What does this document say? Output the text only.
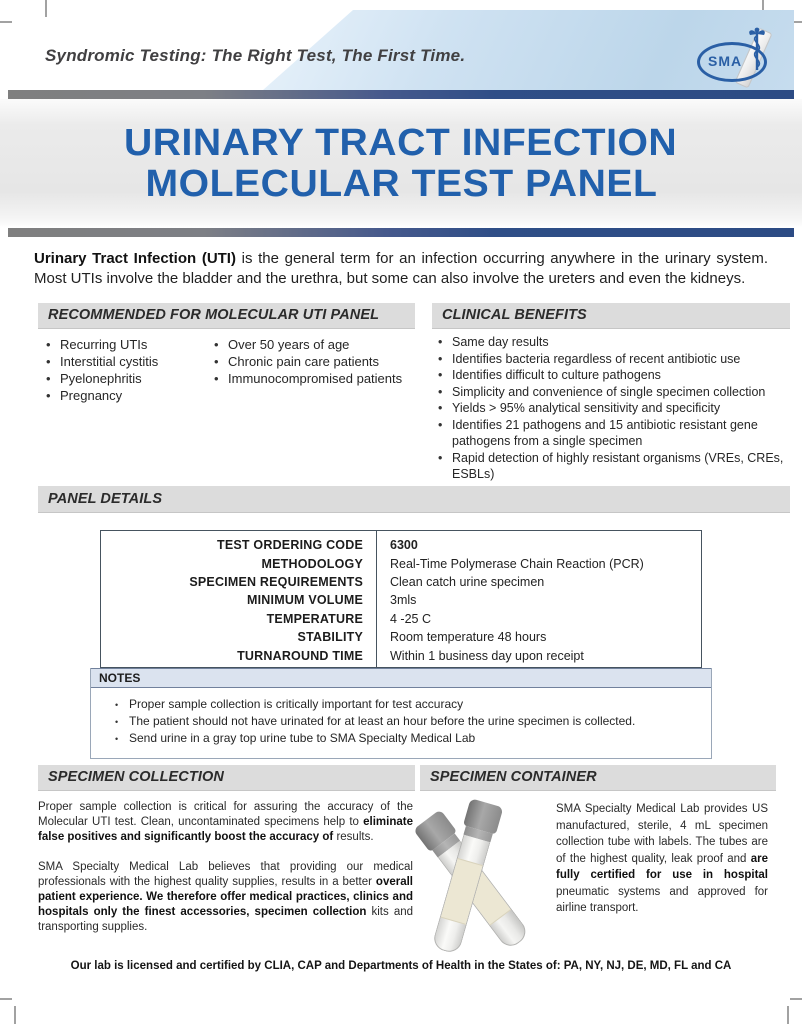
Syndromic Testing: The Right Test, The First Time.	SMA
URINARY TRACT INFECTION
MOLECULAR TEST PANEL

Urinary Tract Infection (UTI) is the general term for an infection occurring anywhere in the urinary system. Most UTIs involve the bladder and the urethra, but some can also involve the ureters and even the kidneys.

RECOMMENDED FOR MOLECULAR UTI PANEL	CLINICAL BENEFITS
• Recurring UTIs
• Interstitial cystitis
• Pyelonephritis
• Pregnancy
• Over 50 years of age
• Chronic pain care patients
• Immunocompromised patients
• Same day results
• Identifies bacteria regardless of recent antibiotic use
• Identifies difficult to culture pathogens
• Simplicity and convenience of single specimen collection
• Yields > 95% analytical sensitivity and specificity
• Identifies 21 pathogens and 15 antibiotic resistant gene pathogens from a single specimen
• Rapid detection of highly resistant organisms (VREs, CREs, ESBLs)
PANEL DETAILS
TEST ORDERING CODE	6300
METHODOLOGY	Real-Time Polymerase Chain Reaction (PCR)
SPECIMEN REQUIREMENTS	Clean catch urine specimen
MINIMUM VOLUME	3mls
TEMPERATURE	4 -25 C
STABILITY	Room temperature 48 hours
TURNAROUND TIME	Within 1 business day upon receipt
NOTES
• Proper sample collection is critically important for test accuracy
• The patient should not have urinated for at least an hour before the urine specimen is collected.
• Send urine in a gray top urine tube to SMA Specialty Medical Lab
SPECIMEN COLLECTION	SPECIMEN CONTAINER

Proper sample collection is critical for assuring the accuracy of the Molecular UTI test. Clean, uncontaminated specimens help to eliminate false positives and significantly boost the accuracy of results.

SMA Specialty Medical Lab believes that providing our medical professionals with the highest quality supplies, results in a better overall patient experience. We therefore offer medical practices, clinics and hospitals only the finest accessories, specimen collection kits and transporting supplies.

SMA Specialty Medical Lab provides US manufactured, sterile, 4 mL specimen collection tube with labels. The tubes are of the highest quality, leak proof and are fully certified for use in hospital pneumatic systems and approved for airline transport.

Our lab is licensed and certified by CLIA, CAP and Departments of Health in the States of: PA, NY, NJ, DE, MD, FL and CA
